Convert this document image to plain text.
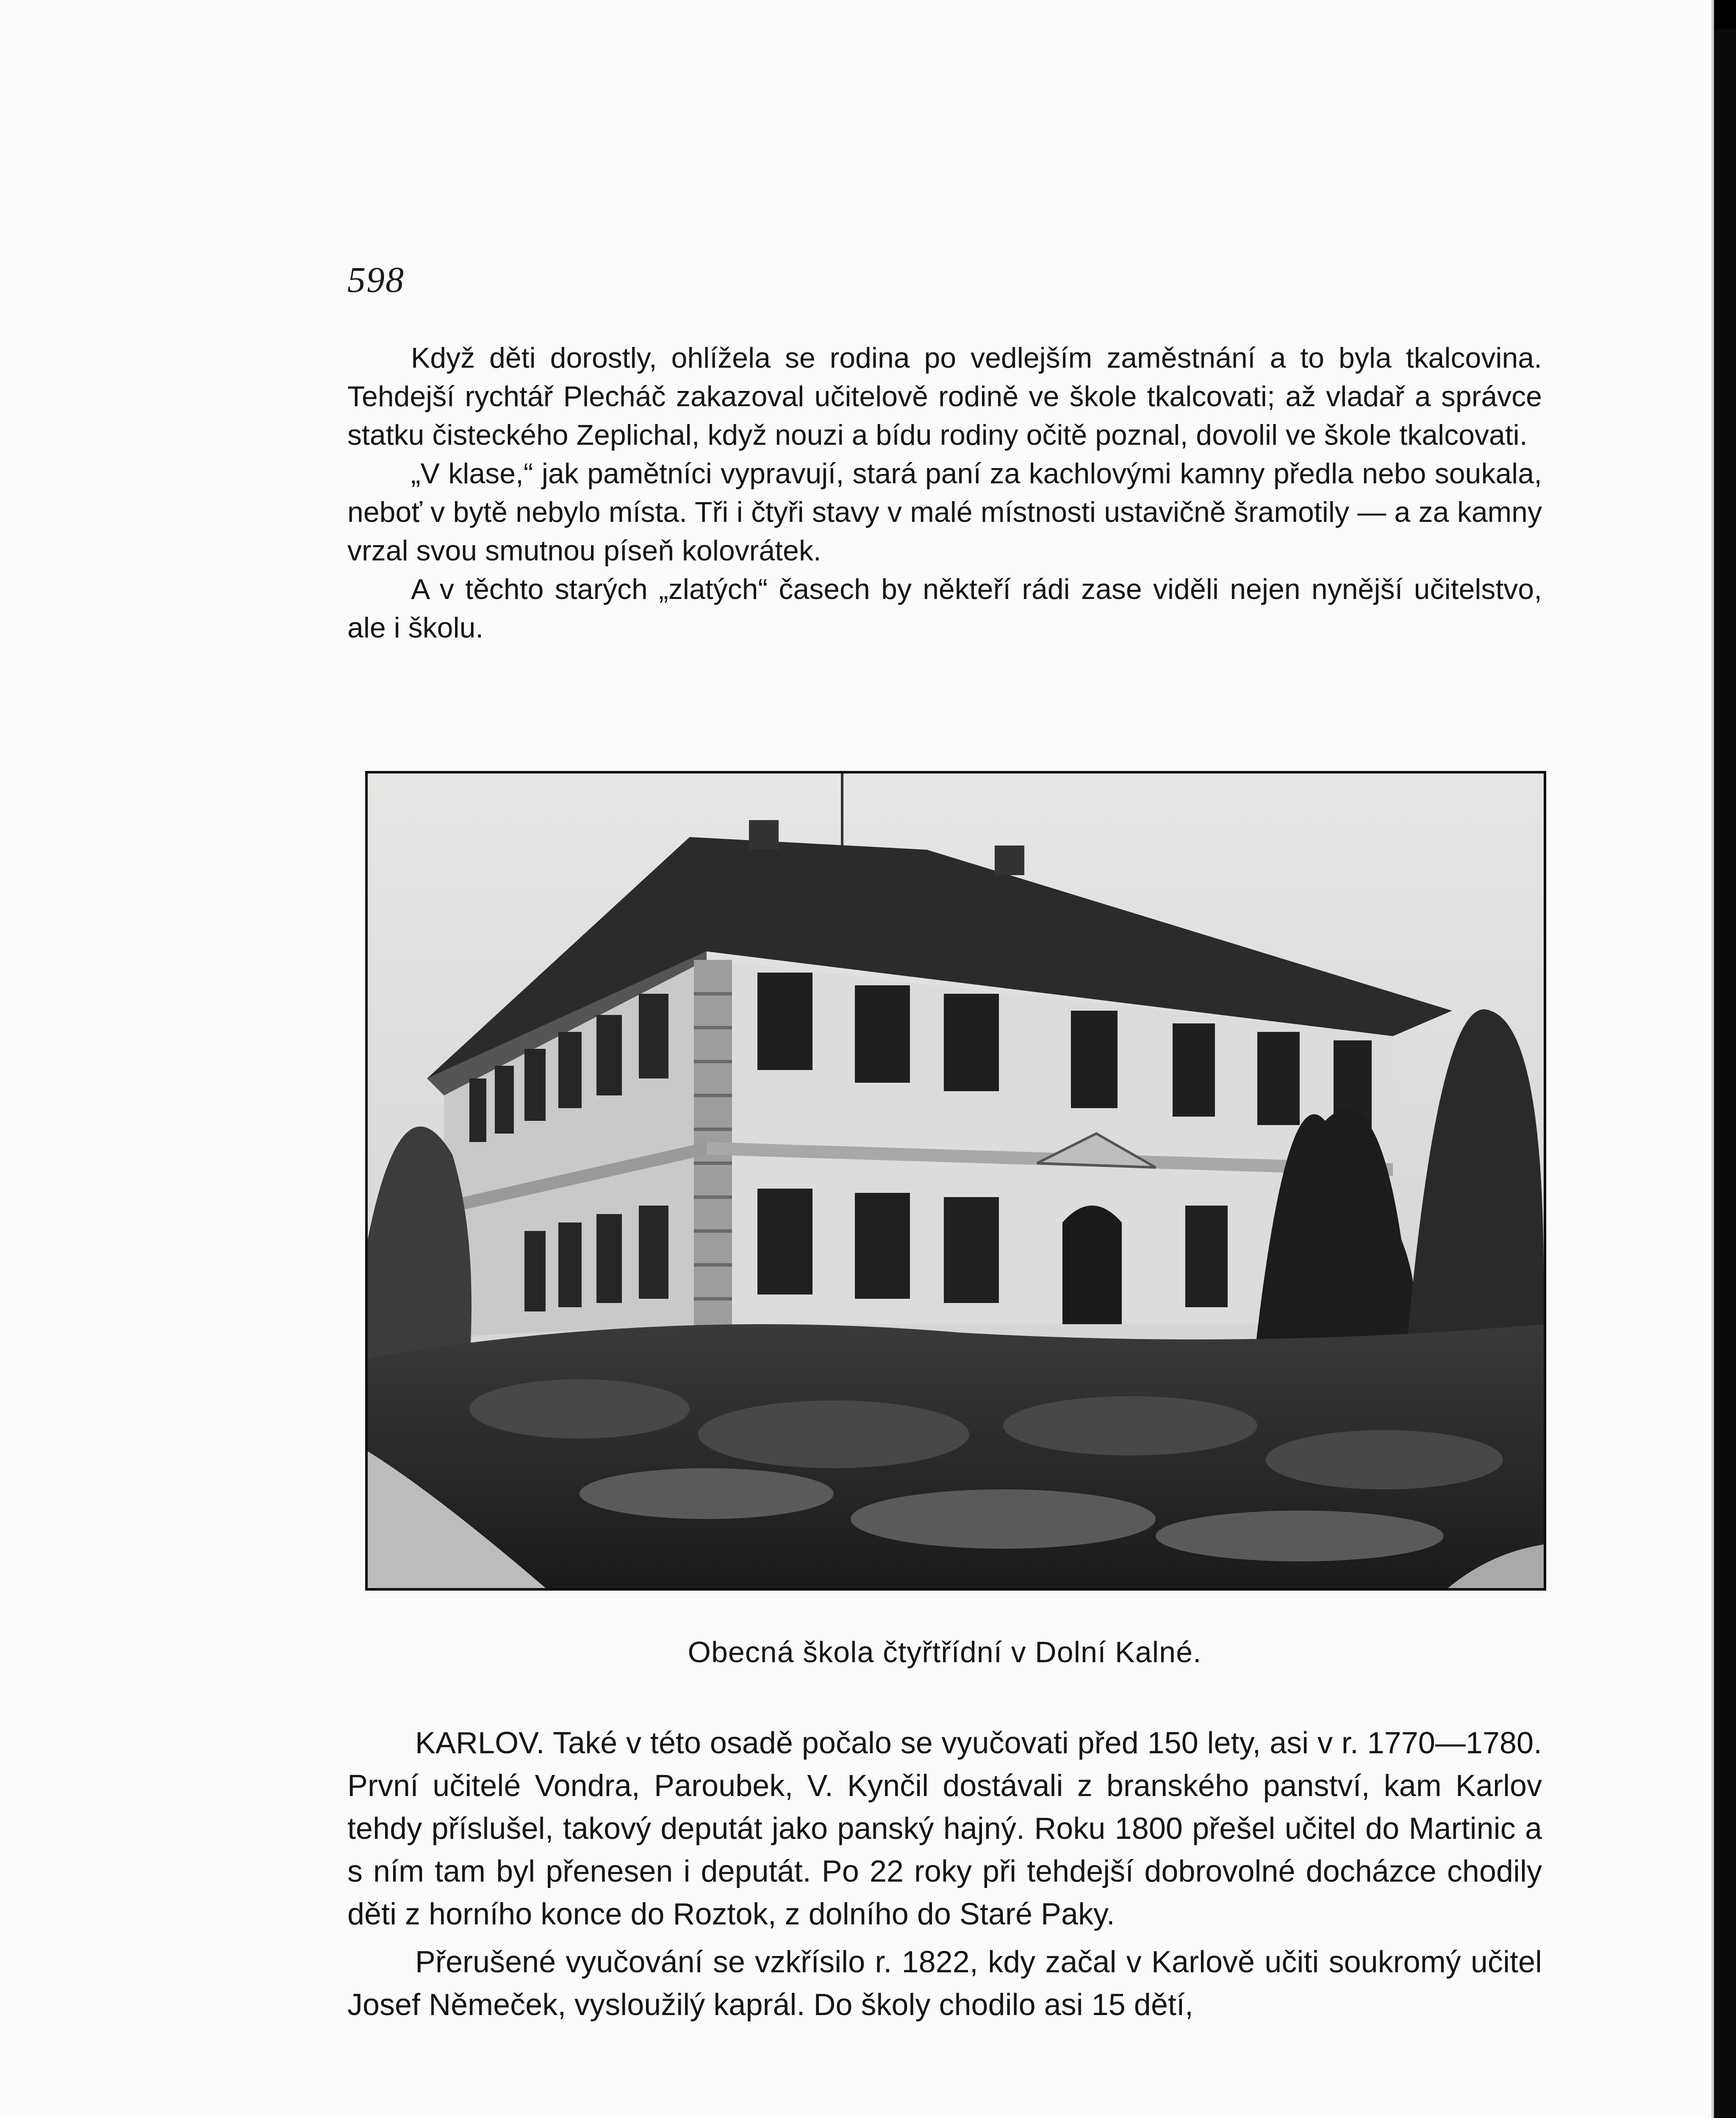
598

Když děti dorostly, ohlížela se rodina po vedlejším zaměstnání a to byla tkalcovina. Tehdejší rychtář Plecháč zakazoval učitelově rodině ve škole tkalcovati; až vladař a správce statku čisteckého Zeplichal, když nouzi a bídu rodiny očitě poznal, dovolil ve škole tkalcovati.

„V klase,“ jak pamětníci vypravují, stará paní za kachlovými kamny předla nebo soukala, neboť v bytě nebylo místa. Tři i čtyři stavy v malé místnosti ustavičně šramotily — a za kamny vrzal svou smutnou píseň kolovrátek.

A v těchto starých „zlatých“ časech by někteří rádi zase viděli nejen nynější učitelstvo, ale i školu.

Obecná škola čtyřtřídní v Dolní Kalné.

KARLOV. Také v této osadě počalo se vyučovati před 150 lety, asi v r. 1770—1780. První učitelé Vondra, Paroubek, V. Kynčil dostávali z branského panství, kam Karlov tehdy příslušel, takový deputát jako panský hajný. Roku 1800 přešel učitel do Martinic a s ním tam byl přenesen i deputát. Po 22 roky při tehdejší dobrovolné docházce chodily děti z horního konce do Roztok, z dolního do Staré Paky.

Přerušené vyučování se vzkřísilo r. 1822, kdy začal v Karlově učiti soukromý učitel Josef Němeček, vysloužilý kaprál. Do školy chodilo asi 15 dětí,
